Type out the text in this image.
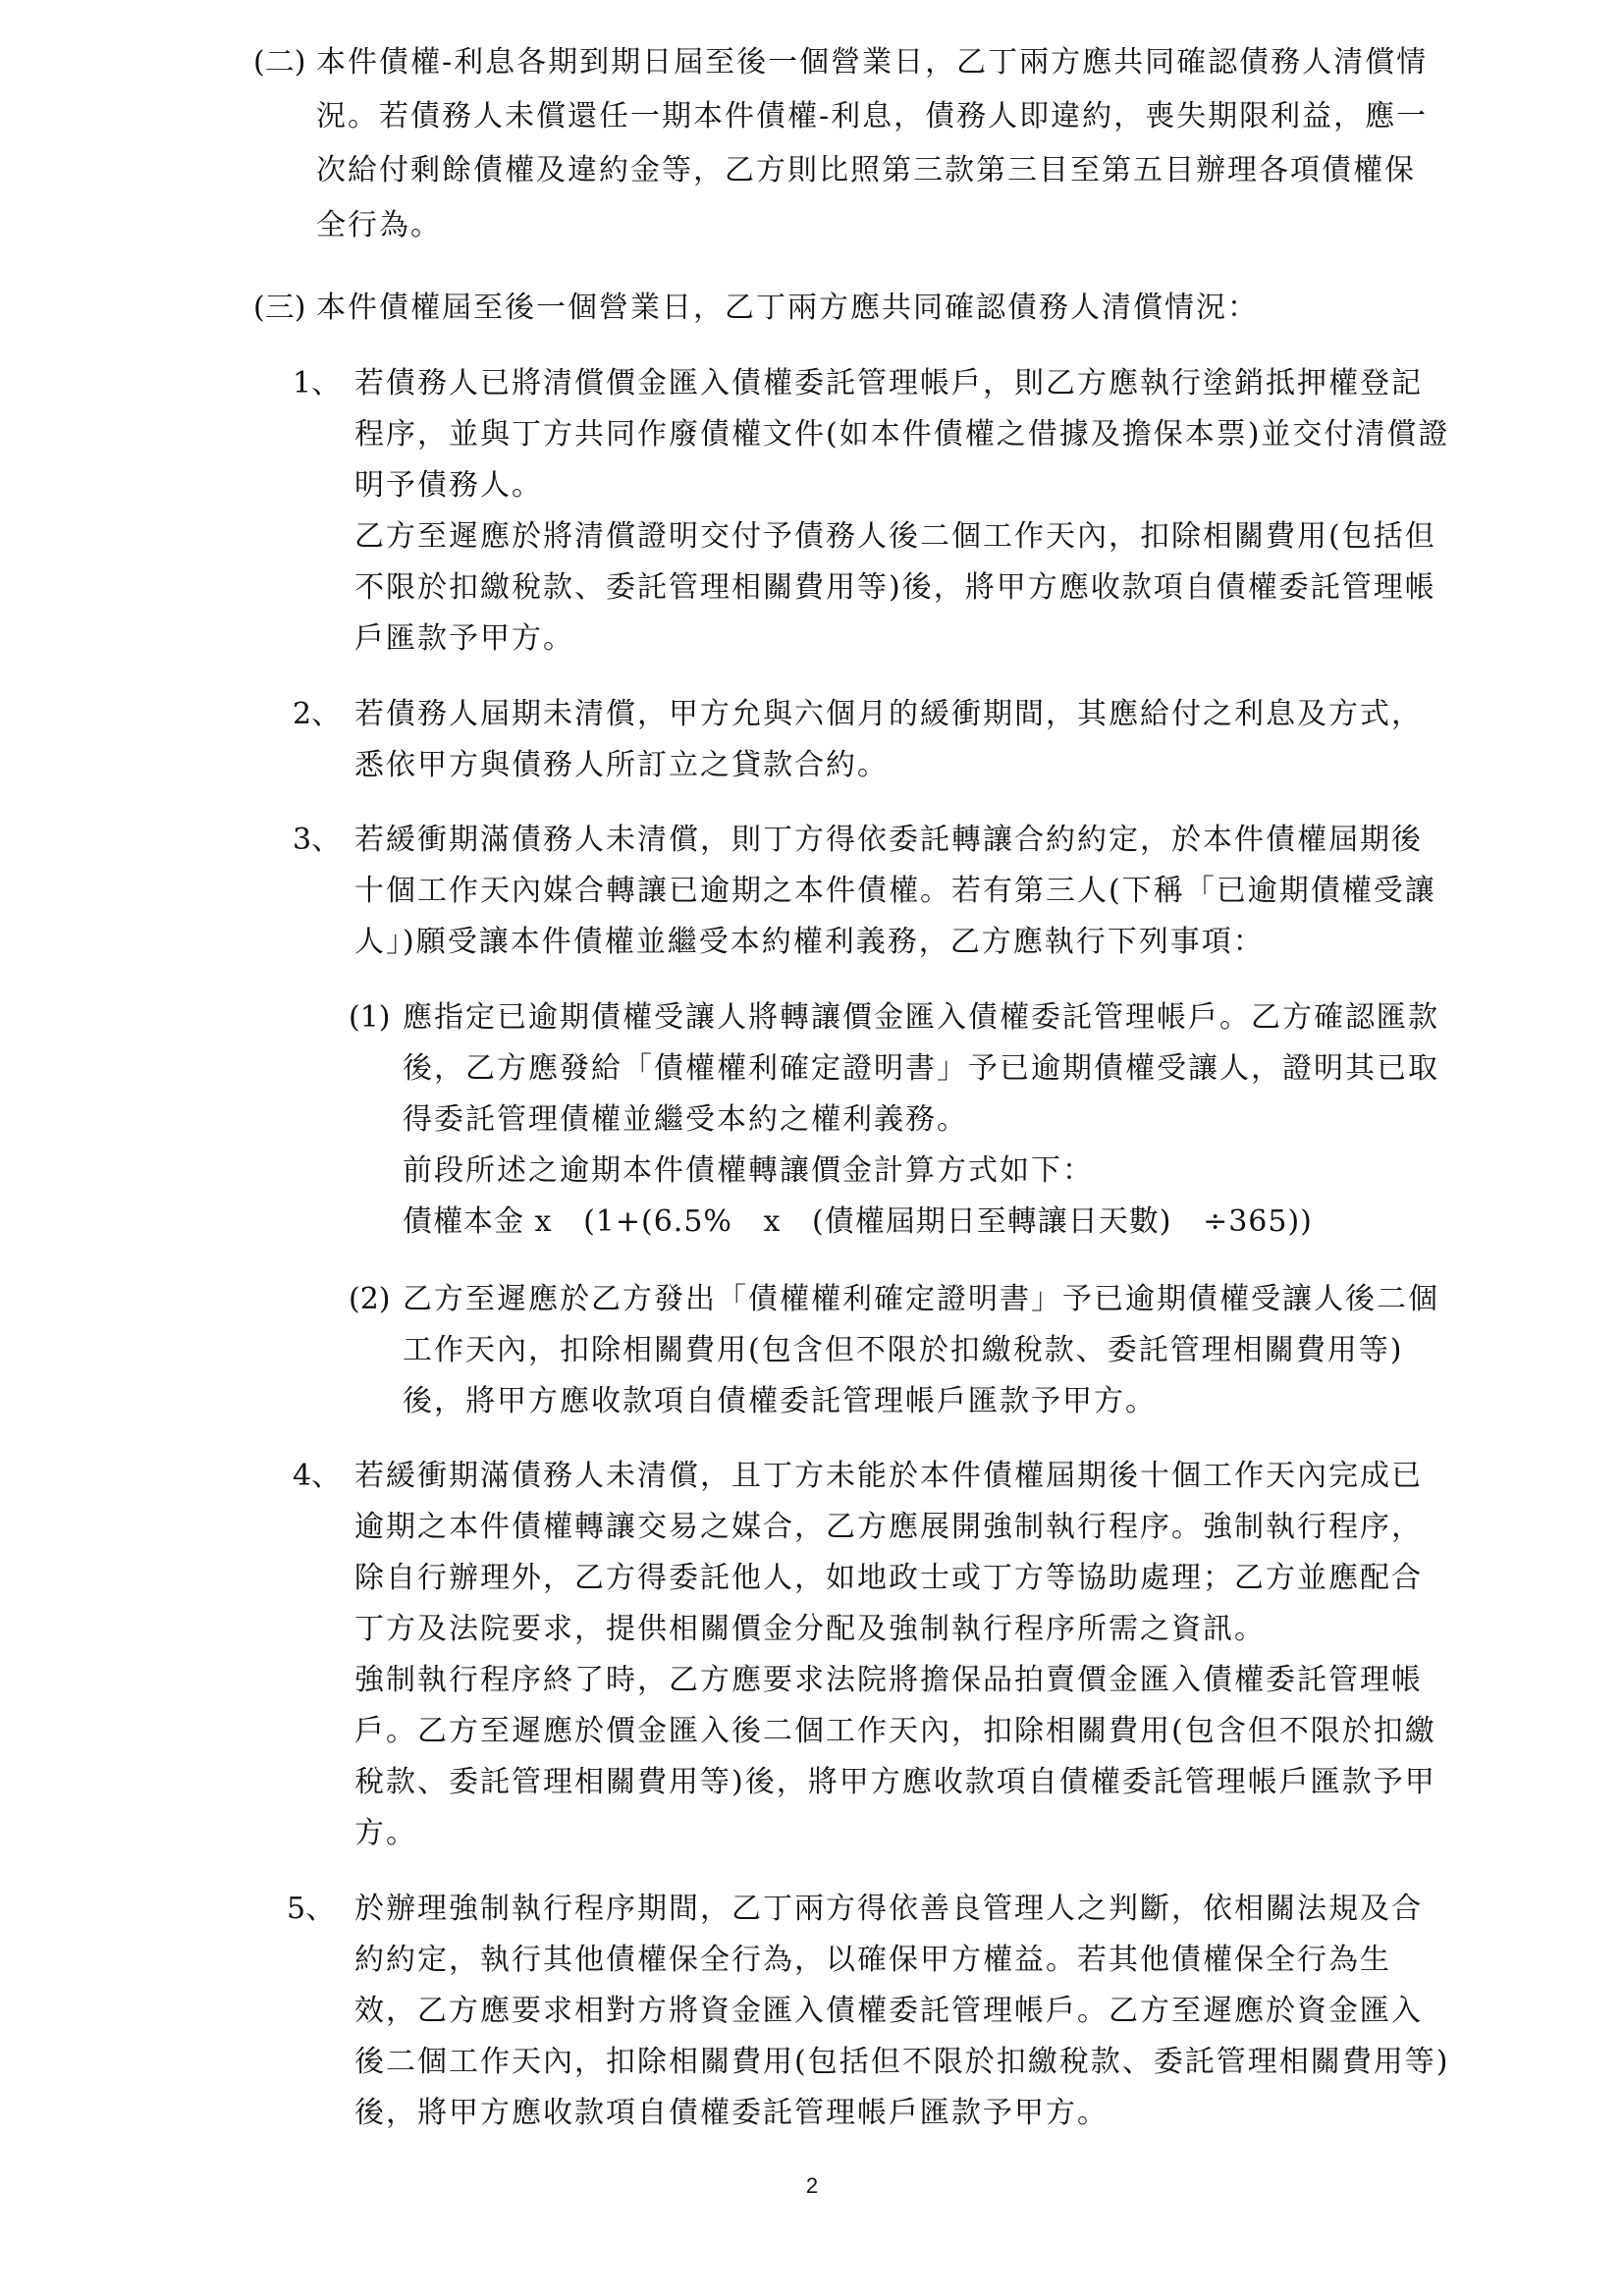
(二) 本件債權-利息各期到期日屆至後一個營業日，乙丁兩方應共同確認債務人清償情

況。若債務人未償還任一期本件債權-利息，債務人即違約，喪失期限利益，應一

次給付剩餘債權及違約金等，乙方則比照第三款第三目至第五目辦理各項債權保

全行為。

(三) 本件債權屆至後一個營業日，乙丁兩方應共同確認債務人清償情況：

1、 若債務人已將清償價金匯入債權委託管理帳戶，則乙方應執行塗銷抵押權登記

程序，並與丁方共同作廢債權文件(如本件債權之借據及擔保本票)並交付清償證

明予債務人。

乙方至遲應於將清償證明交付予債務人後二個工作天內，扣除相關費用(包括但

不限於扣繳稅款、委託管理相關費用等)後，將甲方應收款項自債權委託管理帳

戶匯款予甲方。

2、 若債務人屆期未清償，甲方允與六個月的緩衝期間，其應給付之利息及方式，

悉依甲方與債務人所訂立之貸款合約。

3、 若緩衝期滿債務人未清償，則丁方得依委託轉讓合約約定，於本件債權屆期後

十個工作天內媒合轉讓已逾期之本件債權。若有第三人(下稱「已逾期債權受讓

人」)願受讓本件債權並繼受本約權利義務，乙方應執行下列事項：

(1) 應指定已逾期債權受讓人將轉讓價金匯入債權委託管理帳戶。乙方確認匯款

後，乙方應發給「債權權利確定證明書」予已逾期債權受讓人，證明其已取

得委託管理債權並繼受本約之權利義務。

前段所述之逾期本件債權轉讓價金計算方式如下：

債權本金 x   (1+(6.5%   x   (債權屆期日至轉讓日天數)   ÷365))

(2) 乙方至遲應於乙方發出「債權權利確定證明書」予已逾期債權受讓人後二個

工作天內，扣除相關費用(包含但不限於扣繳稅款、委託管理相關費用等)

後，將甲方應收款項自債權委託管理帳戶匯款予甲方。

4、 若緩衝期滿債務人未清償，且丁方未能於本件債權屆期後十個工作天內完成已

逾期之本件債權轉讓交易之媒合，乙方應展開強制執行程序。強制執行程序，

除自行辦理外，乙方得委託他人，如地政士或丁方等協助處理；乙方並應配合

丁方及法院要求，提供相關價金分配及強制執行程序所需之資訊。

強制執行程序終了時，乙方應要求法院將擔保品拍賣價金匯入債權委託管理帳

戶。乙方至遲應於價金匯入後二個工作天內，扣除相關費用(包含但不限於扣繳

稅款、委託管理相關費用等)後，將甲方應收款項自債權委託管理帳戶匯款予甲

方。

5、 於辦理強制執行程序期間，乙丁兩方得依善良管理人之判斷，依相關法規及合

約約定，執行其他債權保全行為，以確保甲方權益。若其他債權保全行為生

效，乙方應要求相對方將資金匯入債權委託管理帳戶。乙方至遲應於資金匯入

後二個工作天內，扣除相關費用(包括但不限於扣繳稅款、委託管理相關費用等)

後，將甲方應收款項自債權委託管理帳戶匯款予甲方。

2
